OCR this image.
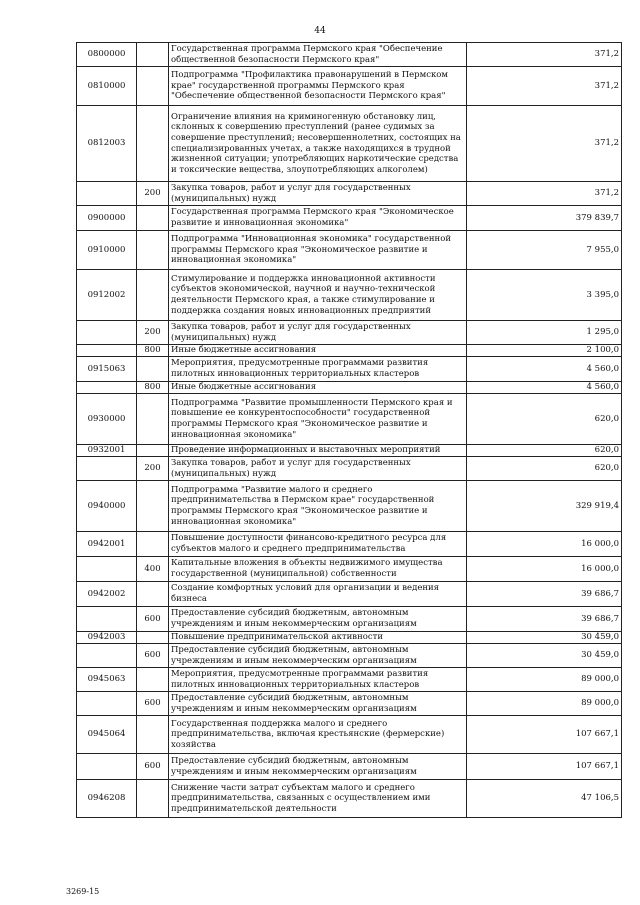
44
0800000		Государственная программа Пермского края "Обеспечение общественной безопасности Пермского края"	371,2
0810000		Подпрограмма "Профилактика правонарушений в Пермском крае" государственной программы Пермского края "Обеспечение общественной безопасности Пермского края"	371,2
0812003		Ограничение влияния на криминогенную обстановку лиц, склонных к совершению преступлений (ранее судимых за совершение преступлений; несовершеннолетних, состоящих на специализированных учетах, а также находящихся в трудной жизненной ситуации; употребляющих наркотические средства и токсические вещества, злоупотребляющих алкоголем)	371,2
	200	Закупка товаров, работ и услуг для государственных (муниципальных) нужд	371,2
0900000		Государственная программа Пермского края "Экономическое развитие и инновационная экономика"	379 839,7
0910000		Подпрограмма "Инновационная экономика" государственной программы Пермского края "Экономическое развитие и инновационная экономика"	7 955,0
0912002		Стимулирование и поддержка инновационной активности субъектов экономической, научной и научно-технической деятельности Пермского края, а также стимулирование и поддержка создания новых инновационных предприятий	3 395,0
	200	Закупка товаров, работ и услуг для государственных (муниципальных) нужд	1 295,0
	800	Иные бюджетные ассигнования	2 100,0
0915063		Мероприятия, предусмотренные программами развития пилотных инновационных территориальных кластеров	4 560,0
	800	Иные бюджетные ассигнования	4 560,0
0930000		Подпрограмма "Развитие промышленности Пермского края и повышение ее конкурентоспособности" государственной программы Пермского края "Экономическое развитие и инновационная экономика"	620,0
0932001		Проведение информационных и выставочных мероприятий	620,0
	200	Закупка товаров, работ и услуг для государственных (муниципальных) нужд	620,0
0940000		Подпрограмма "Развитие малого и среднего предпринимательства в Пермском крае" государственной программы Пермского края "Экономическое развитие и инновационная экономика"	329 919,4
0942001		Повышение доступности финансово-кредитного ресурса для субъектов малого и среднего предпринимательства	16 000,0
	400	Капитальные вложения в объекты недвижимого имущества государственной (муниципальной) собственности	16 000,0
0942002		Создание комфортных условий для организации и ведения бизнеса	39 686,7
	600	Предоставление субсидий бюджетным, автономным учреждениям и иным некоммерческим организациям	39 686,7
0942003		Повышение предпринимательской активности	30 459,0
	600	Предоставление субсидий бюджетным, автономным учреждениям и иным некоммерческим организациям	30 459,0
0945063		Мероприятия, предусмотренные программами развития пилотных инновационных территориальных кластеров	89 000,0
	600	Предоставление субсидий бюджетным, автономным учреждениям и иным некоммерческим организациям	89 000,0
0945064		Государственная поддержка малого и среднего предпринимательства, включая крестьянские (фермерские) хозяйства	107 667,1
	600	Предоставление субсидий бюджетным, автономным учреждениям и иным некоммерческим организациям	107 667,1
0946208		Снижение части затрат субъектам малого и среднего предпринимательства, связанных с осуществлением ими предпринимательской деятельности	47 106,5
3269-15
